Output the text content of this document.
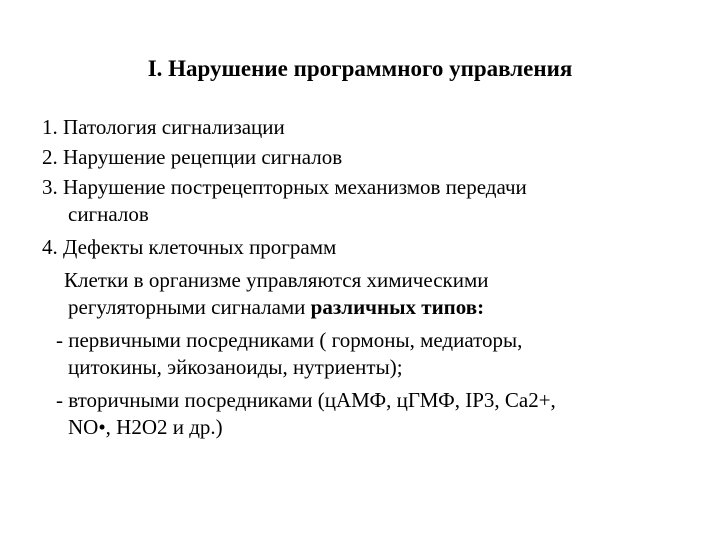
I. Нарушение программного управления
1. Патология сигнализации
2. Нарушение рецепции сигналов
3. Нарушение пострецепторных механизмов передачи
сигналов
4. Дефекты клеточных программ
Клетки в организме управляются химическими
регуляторными сигналами различных типов:
- первичными посредниками ( гормоны, медиаторы,
цитокины, эйкозаноиды, нутриенты);
- вторичными посредниками (цАМФ, цГМФ, IP3, Са2+,
NO•, Н2О2 и др.)
